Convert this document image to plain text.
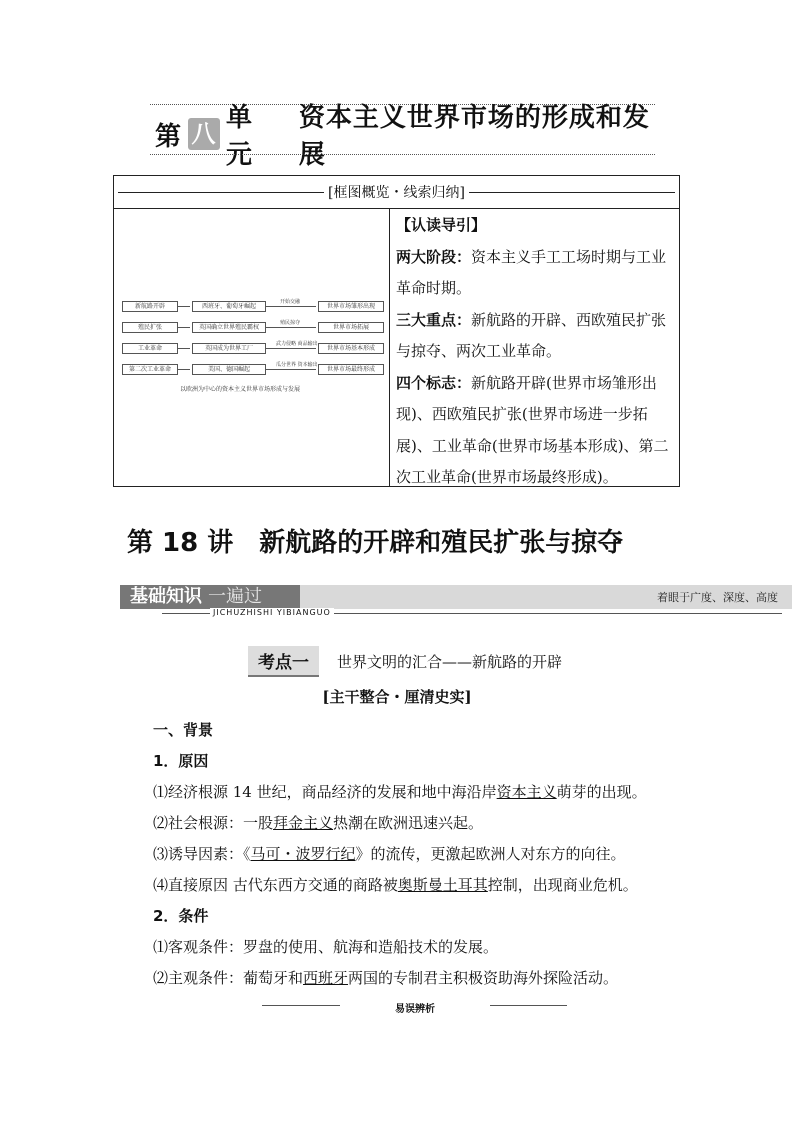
第 八
单元
资本主义世界市场的形成和发展
[框图概览・线索归纳]
新航路开辟
殖民扩张
工业革命
第二次工业革命
西班牙、葡萄牙崛起
英国确立世界殖民霸权
英国成为世界工厂
美国、德国崛起
开始交融
殖民掠夺
武力侵略 商品输出
瓜分世界 资本输出
世界市场雏形出现
世界市场拓展
世界市场基本形成
世界市场最终形成
以欧洲为中心的资本主义世界市场形成与发展

【认读导引】

两大阶段：资本主义手工工场时期与工业革命时期。

三大重点：新航路的开辟、西欧殖民扩张与掠夺、两次工业革命。

四个标志：新航路开辟(世界市场雏形出现)、西欧殖民扩张(世界市场进一步拓展)、工业革命(世界市场基本形成)、第二次工业革命(世界市场最终形成)。

第 18 讲　新航路的开辟和殖民扩张与掠夺
基础知识 一遍过	着眼于广度、深度、高度
JICHUZHISHI YIBIANGUO
考点一	世界文明的汇合——新航路的开辟
[主干整合・厘清史实]

一、背景

1．原因

⑴经济根源 14 世纪，商品经济的发展和地中海沿岸资本主义萌芽的出现。

⑵社会根源：一股拜金主义热潮在欧洲迅速兴起。

⑶诱导因素：《马可・波罗行纪》的流传，更激起欧洲人对东方的向往。

⑷直接原因 古代东西方交通的商路被奥斯曼土耳其控制，出现商业危机。

2．条件

⑴客观条件：罗盘的使用、航海和造船技术的发展。

⑵主观条件：葡萄牙和西班牙两国的专制君主积极资助海外探险活动。

易误辨析
